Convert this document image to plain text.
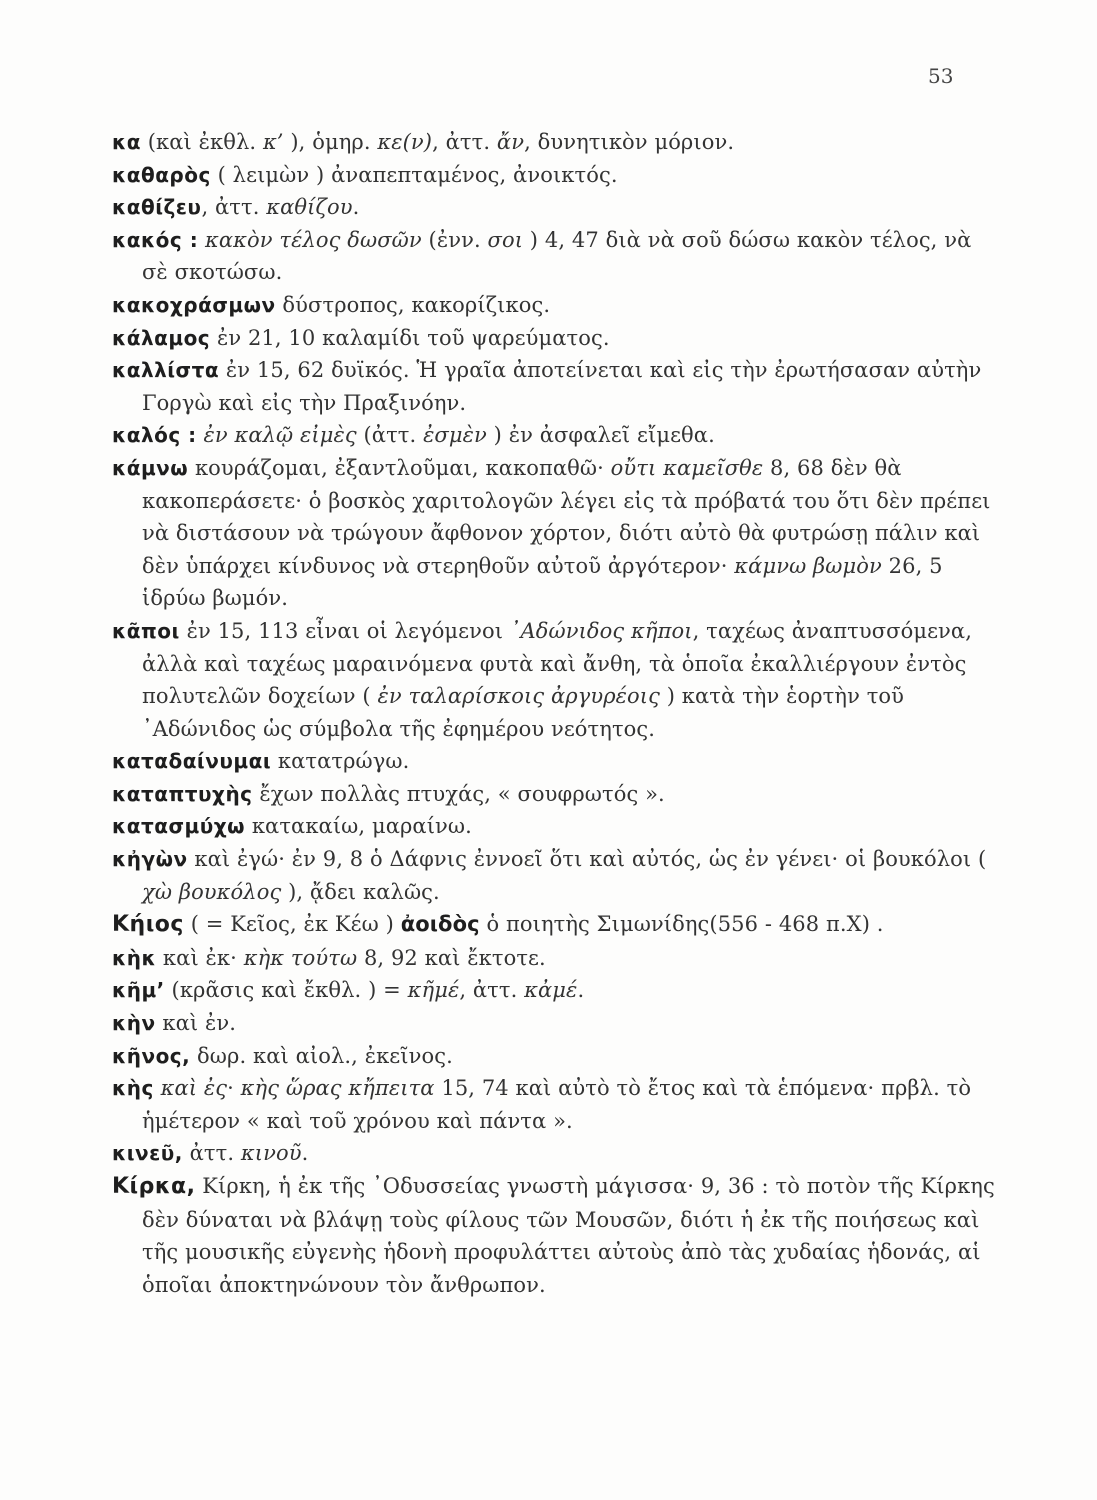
53
κα (καὶ ἐκθλ. κ’ ), ὁμηρ. κε(ν), ἀττ. ἄν, δυνητικὸν μόριον.
καθαρὸς ( λειμὼν ) ἀναπεπταμένος, ἀνοικτός.
καθίζευ, ἀττ. καθίζου.
κακός : κακὸν τέλος δωσῶν (ἐνν. σοι ) 4, 47 διὰ νὰ σοῦ δώσω κακὸν τέλος, νὰ σὲ σκοτώσω.
κακοχράσμων δύστροπος, κακορίζικος.
κάλαμος ἐν 21, 10 καλαμίδι τοῦ ψαρεύματος.
καλλίστα ἐν 15, 62 δυϊκός. Ἡ γραῖα ἀποτείνεται καὶ εἰς τὴν ἐρωτήσασαν αὐτὴν Γοργὼ καὶ εἰς τὴν Πραξινόην.
καλός : ἐν καλῷ εἰμὲς (ἀττ. ἐσμὲν ) ἐν ἀσφαλεῖ εἴμεθα.
κάμνω κουράζομαι, ἐξαντλοῦμαι, κακοπαθῶ· οὔτι καμεῖσθε 8, 68 δὲν θὰ κακοπεράσετε· ὁ βοσκὸς χαριτολογῶν λέγει εἰς τὰ πρόβατά του ὅτι δὲν πρέπει νὰ διστάσουν νὰ τρώγουν ἄφθονον χόρτον, διότι αὐτὸ θὰ φυτρώσῃ πάλιν καὶ δὲν ὑπάρχει κίνδυνος νὰ στερηθοῦν αὐτοῦ ἀργότερον· κάμνω βωμὸν 26, 5 ἱδρύω βωμόν.
κᾶποι ἐν 15, 113 εἶναι οἱ λεγόμενοι ᾿Αδώνιδος κῆποι, ταχέως ἀναπτυσσόμενα, ἀλλὰ καὶ ταχέως μαραινόμενα φυτὰ καὶ ἄνθη, τὰ ὁποῖα ἐκαλλιέργουν ἐντὸς πολυτελῶν δοχείων ( ἐν ταλαρίσκοις ἀργυρέοις ) κατὰ τὴν ἑορτὴν τοῦ ᾿Αδώνιδος ὡς σύμβολα τῆς ἐφημέρου νεότητος.
καταδαίνυμαι κατατρώγω.
καταπτυχὴς ἔχων πολλὰς πτυχάς, « σουφρωτός ».
κατασμύχω κατακαίω, μαραίνω.
κἠγὼν καὶ ἐγώ· ἐν 9, 8 ὁ Δάφνις ἐννοεῖ ὅτι καὶ αὐτός, ὡς ἐν γένει· οἱ βουκόλοι ( χὼ βουκόλος ), ᾄδει καλῶς.
Κήιος ( = Κεῖος, ἐκ Κέω ) ἀοιδὸς ὁ ποιητὴς Σιμωνίδης(556 - 468 π.Χ) .
κὴκ καὶ ἐκ· κὴκ τούτω 8, 92 καὶ ἔκτοτε.
κῆμ’ (κρᾶσις καὶ ἔκθλ. ) = κῆμέ, ἀττ. κἀμέ.
κὴν καὶ ἐν.
κῆνος, δωρ. καὶ αἰολ., ἐκεῖνος.
κὴς καὶ ἐς· κὴς ὥρας κἤπειτα 15, 74 καὶ αὐτὸ τὸ ἔτος καὶ τὰ ἑπόμενα· πρβλ. τὸ ἡμέτερον « καὶ τοῦ χρόνου καὶ πάντα ».
κινεῦ, ἀττ. κινοῦ.
Κίρκα, Κίρκη, ἡ ἐκ τῆς ᾿Οδυσσείας γνωστὴ μάγισσα· 9, 36 : τὸ ποτὸν τῆς Κίρκης δὲν δύναται νὰ βλάψῃ τοὺς φίλους τῶν Μουσῶν, διότι ἡ ἐκ τῆς ποιήσεως καὶ τῆς μουσικῆς εὐγενὴς ἡδονὴ προφυλάττει αὐτοὺς ἀπὸ τὰς χυδαίας ἡδονάς, αἱ ὁποῖαι ἀποκτηνώνουν τὸν ἄνθρωπον.
